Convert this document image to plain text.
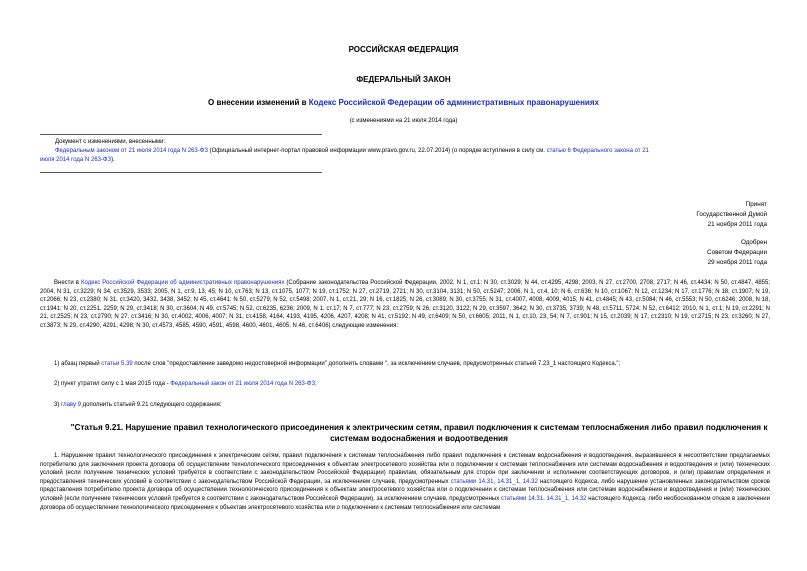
РОССИЙСКАЯ ФЕДЕРАЦИЯ
ФЕДЕРАЛЬНЫЙ ЗАКОН
О внесении изменений в Кодекс Российской Федерации об административных правонарушениях
(с изменениями на 21 июля 2014 года)
Документ с изменениями, внесенными:
Федеральным законом от 21 июля 2014 года N 263-ФЗ (Официальный интернет-портал правовой информации www.pravo.gov.ru, 22.07.2014) (о порядке вступления в силу см. статью 6 Федерального закона от 21
июля 2014 года N 263-ФЗ).
Принят
Государственной Думой
21 ноября 2011 года
Одобрен
Советом Федерации
29 ноября 2011 года
Внести в Кодекс Российской Федерации об административных правонарушениях (Собрание законодательства Российской Федерации, 2002, N 1, ст.1; N 30, ст.3029; N 44, ст.4295, 4298; 2003, N 27, ст.2700, 2708, 2717; N 46, ст.4434; N 50, ст.4847, 4855; 2004, N 31, ст.3229; N 34, ст.3529, 3533; 2005, N 1, ст.9, 13, 45; N 10, ст.763; N 13, ст.1075, 1077; N 19, ст.1752; N 27, ст.2719, 2721; N 30, ст.3104, 3131; N 50, ст.5247; 2006, N 1, ст.4, 10; N 6, ст.636; N 10, ст.1067; N 12, ст.1234; N 17, ст.1776; N 18, ст.1907; N 19, ст.2066; N 23, ст.2380; N 31, ст.3420, 3432, 3438, 3452; N 45, ст.4641; N 50, ст.5279; N 52, ст.5498; 2007, N 1, ст.21, 29; N 16, ст.1825; N 26, ст.3089; N 30, ст.3755; N 31, ст.4007, 4008, 4009, 4015; N 41, ст.4845; N 43, ст.5084; N 46, ст.5553; N 50, ст.6246; 2008, N 18, ст.1941; N 20, ст.2251, 2259; N 29, ст.3418; N 30, ст.3604; N 49, ст.5745; N 52, ст.6235, 6236; 2009, N 1, ст.17; N 7, ст.777; N 23, ст.2759; N 26, ст.3120, 3122; N 29, ст.3597, 3642; N 30, ст.3735, 3739; N 48, ст.5711, 5724; N 52, ст.6412; 2010, N 1, ст.1; N 19, ст.2291; N 21, ст.2525; N 23, ст.2790; N 27, ст.3416; N 30, ст.4002, 4006, 4007; N 31, ст.4158, 4164, 4193, 4195, 4206, 4207, 4208; N 41, ст.5192; N 49, ст.6409; N 50, ст.6605; 2011, N 1, ст.10, 23, 54; N 7, ст.901; N 15, ст.2039; N 17, ст.2310; N 19, ст.2715; N 23, ст.3260; N 27, ст.3873; N 29, ст.4290, 4291, 4298; N 30, ст.4573, 4585, 4590, 4591, 4598, 4600, 4601, 4605; N 46, ст.6406) следующие изменения:
1) абзац первый статьи 5.39 после слов "предоставление заведомо недостоверной информации" дополнить словами ", за исключением случаев, предусмотренных статьей 7.23_1 настоящего Кодекса,";
2) пункт утратил силу с 1 мая 2015 года - Федеральный закон от 21 июля 2014 года N 263-ФЗ;
3) главу 9 дополнить статьей 9.21 следующего содержания:
"Статья 9.21. Нарушение правил технологического присоединения к электрическим сетям, правил подключения к системам теплоснабжения либо правил подключения к системам водоснабжения и водоотведения
1. Нарушение правил технологического присоединения к электрическим сетям, правил подключения к системам теплоснабжения либо правил подключения к системам водоснабжения и водоотведения, выразившееся в несоответствии предлагаемых потребителю для заключения проекта договора об осуществлении технологического присоединения к объектам электросетевого хозяйства или о подключении к системам теплоснабжения или системам водоснабжения и водоотведения и (или) технических условий (если получение технических условий требуется в соответствии с законодательством Российской Федерации) правилам, обязательным для сторон при заключении и исполнении соответствующих договоров, и (или) правилам определения и предоставления технических условий в соответствии с законодательством Российской Федерации, за исключением случаев, предусмотренных статьями 14.31, 14.31_1, 14.32 настоящего Кодекса, либо нарушение установленных законодательством сроков представления потребителю проекта договора об осуществлении технологического присоединения к объектам электросетевого хозяйства или о подключении к системам теплоснабжения или системам водоснабжения и водоотведения и (или) технических условий (если получение технических условий требуется в соответствии с законодательством Российской Федерации), за исключением случаев, предусмотренных статьями 14.31, 14.31_1, 14.32 настоящего Кодекса, либо необоснованном отказе в заключении договора об осуществлении технологического присоединения к объектам электросетевого хозяйства или о подключении к системам теплоснабжения или системам
